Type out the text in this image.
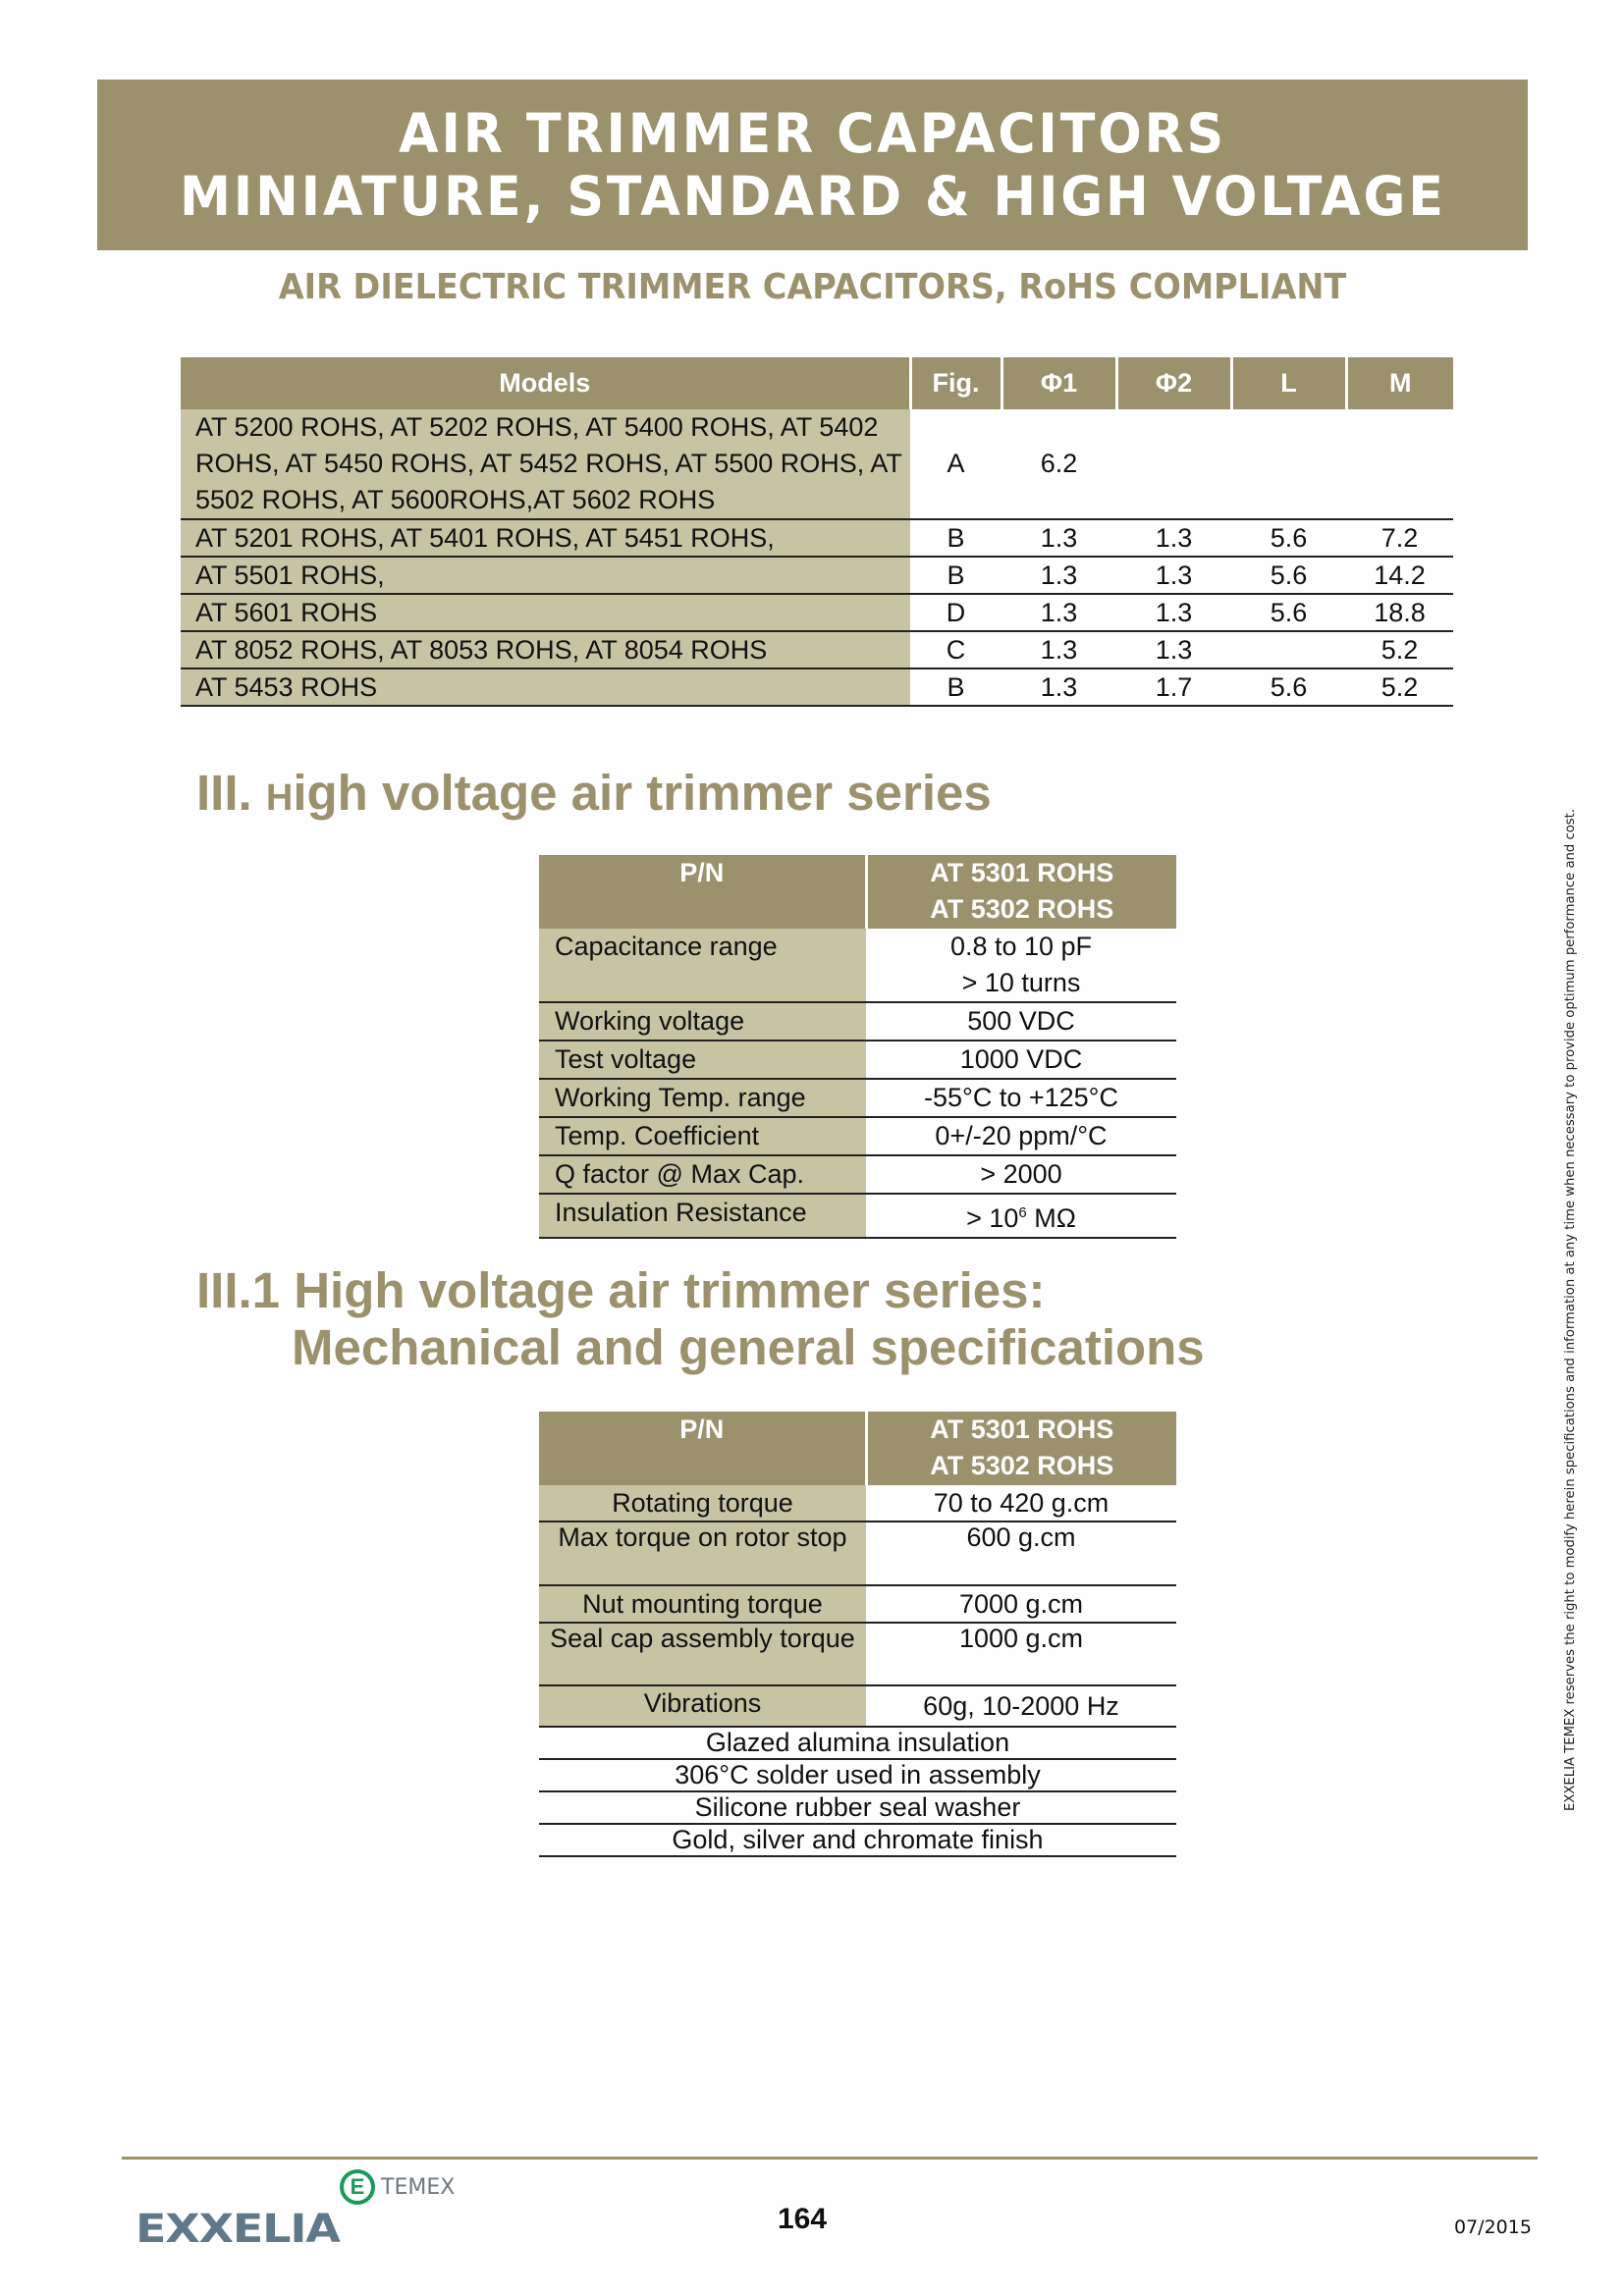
AIR TRIMMER CAPACITORS
MINIATURE, STANDARD & HIGH VOLTAGE
AIR DIELECTRIC TRIMMER CAPACITORS, RoHS COMPLIANT
Models	Fig.	Φ1	Φ2	L	M
AT 5200 ROHS, AT 5202 ROHS, AT 5400 ROHS, AT 5402 ROHS, AT 5450 ROHS, AT 5452 ROHS, AT 5500 ROHS, AT 5502 ROHS, AT 5600ROHS,AT 5602 ROHS	A	6.2			
AT 5201 ROHS, AT 5401 ROHS, AT 5451 ROHS,	B	1.3	1.3	5.6	7.2
AT 5501 ROHS,	B	1.3	1.3	5.6	14.2
AT 5601 ROHS	D	1.3	1.3	5.6	18.8
AT 8052 ROHS, AT 8053 ROHS, AT 8054 ROHS	C	1.3	1.3		5.2
AT 5453 ROHS	B	1.3	1.7	5.6	5.2
III. High voltage air trimmer series
P/N	AT 5301 ROHS
AT 5302 ROHS

Capacitance range	0.8 to 10 pF
> 10 turns

Working voltage	500 VDC
Test voltage	1000 VDC
Working Temp. range	-55°C to +125°C
Temp. Coefficient	0+/-20 ppm/°C
Q factor @ Max Cap.	> 2000
Insulation Resistance	> $10^6$ MΩ
III.1 High voltage air trimmer series:
Mechanical and general specifications
P/N	AT 5301 ROHS
AT 5302 ROHS

Rotating torque	70 to 420 g.cm
Max torque on rotor stop	600 g.cm
Nut mounting torque	7000 g.cm
Seal cap assembly torque	1000 g.cm
Vibrations	60g, 10-2000 Hz
Glazed alumina insulation	
306°C solder used in assembly	
Silicone rubber seal washer	
Gold, silver and chromate finish	
EXXELIA TEMEX reserves the right to modify herein specifications and information at any time when necessary to provide optimum performance and cost.
E TEMEX
EXXELIA	164	07/2015
